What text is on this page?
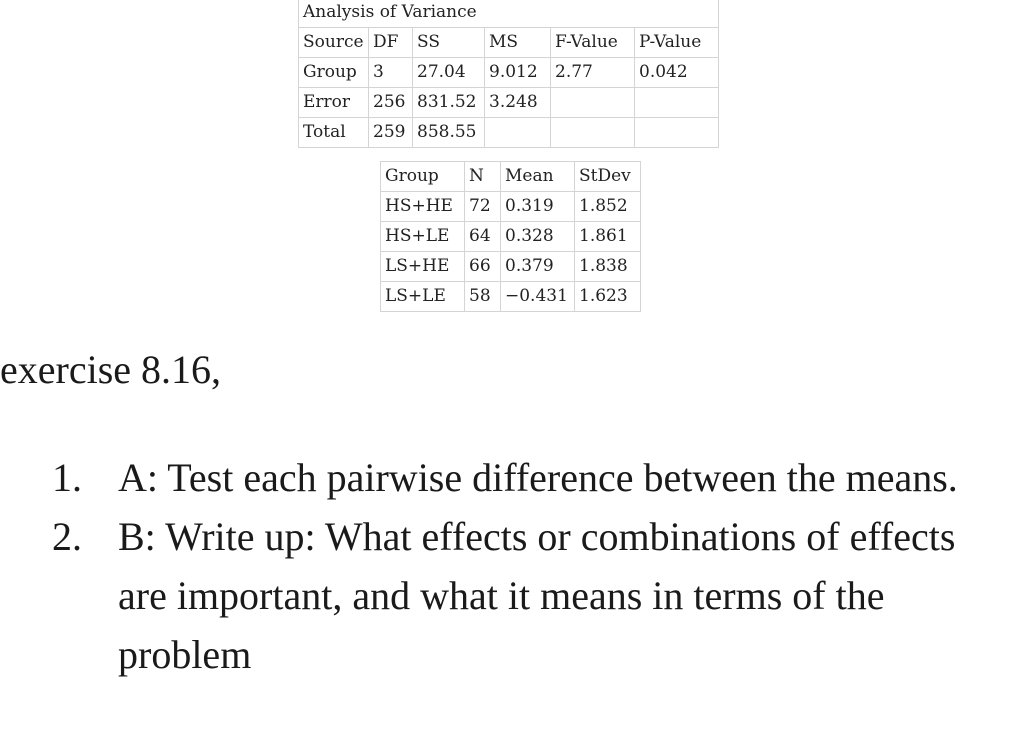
Analysis of Variance					
Source	DF	SS	MS	F-Value	P-Value
Group	3	27.04	9.012	2.77	0.042
Error	256	831.52	3.248		
Total	259	858.55			
Group	N	Mean	StDev
HS+HE	72	0.319	1.852
HS+LE	64	0.328	1.861
LS+HE	66	0.379	1.838
LS+LE	58	−0.431	1.623
exercise 8.16,
1. A: Test each pairwise difference between the means.
2. B: Write up: What effects or combinations of effects are important, and what it means in terms of the problem
